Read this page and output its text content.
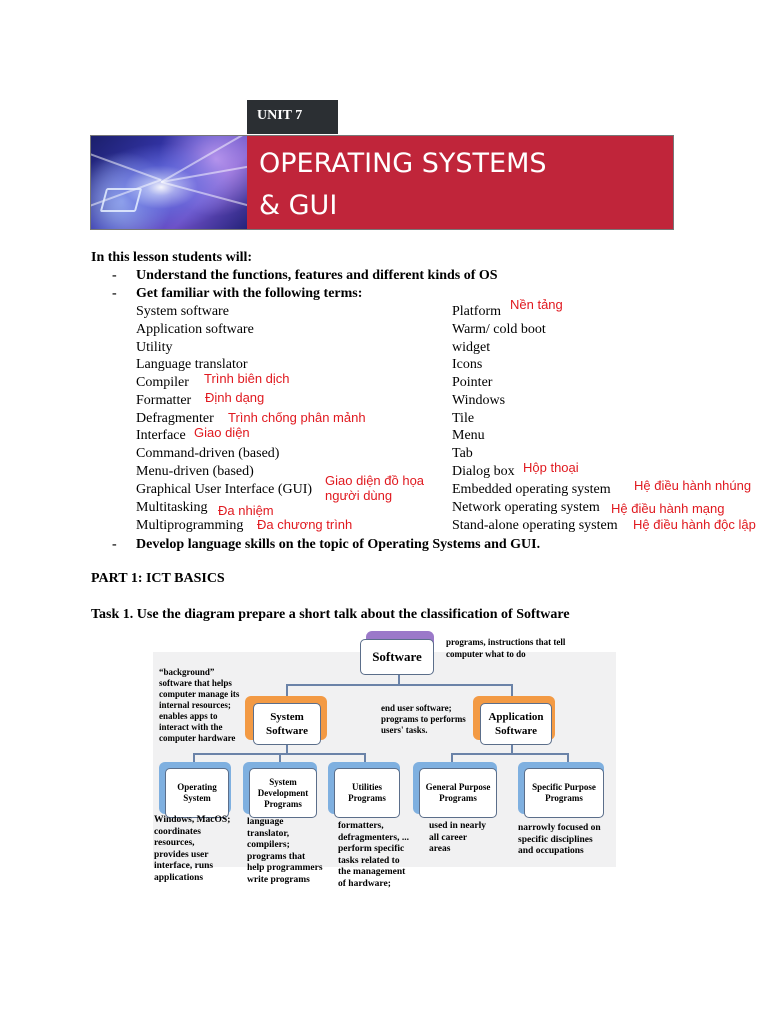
UNIT 7
OPERATING SYSTEMS
& GUI
In this lesson students will:
- Understand the functions, features and different kinds of OS
- Get familiar with the following terms:
System software
Application software
Utility
Language translator
Compiler Trình biên dịch
Formatter Định dạng
Defragmenter Trình chống phân mảnh
Interface Giao diện
Command-driven (based)
Menu-driven (based)
Graphical User Interface (GUI)
Giao diện đồ họa
người dùng
Multitasking Đa nhiệm
Multiprogramming Đa chương trình
Platform Nền tảng
Warm/ cold boot
widget
Icons
Pointer
Windows
Tile
Menu
Tab
Dialog box Hộp thoại
Embedded operating system Hệ điều hành nhúng
Network operating system Hệ điều hành mạng
Stand-alone operating system Hệ điều hành độc lập
- Develop language skills on the topic of Operating Systems and GUI.
PART 1: ICT BASICS
Task 1. Use the diagram prepare a short talk about the classification of Software
Software
programs, instructions that tell
computer what to do
System
Software
“background”
software that helps
computer manage its
internal resources;
enables apps to
interact with the
computer hardware
Application
Software
end user software;
programs to performs
users' tasks.
Operating
System
System
Development
Programs
Utilities
Programs
General Purpose
Programs
Specific Purpose
Programs
Windows, MacOS;
coordinates
resources,
provides user
interface, runs
applications
language
translator,
compilers;
programs that
help programmers
write programs
formatters,
defragmenters, ...
perform specific
tasks related to
the management
of hardware;
used in nearly
all career
areas
narrowly focused on
specific disciplines
and occupations
